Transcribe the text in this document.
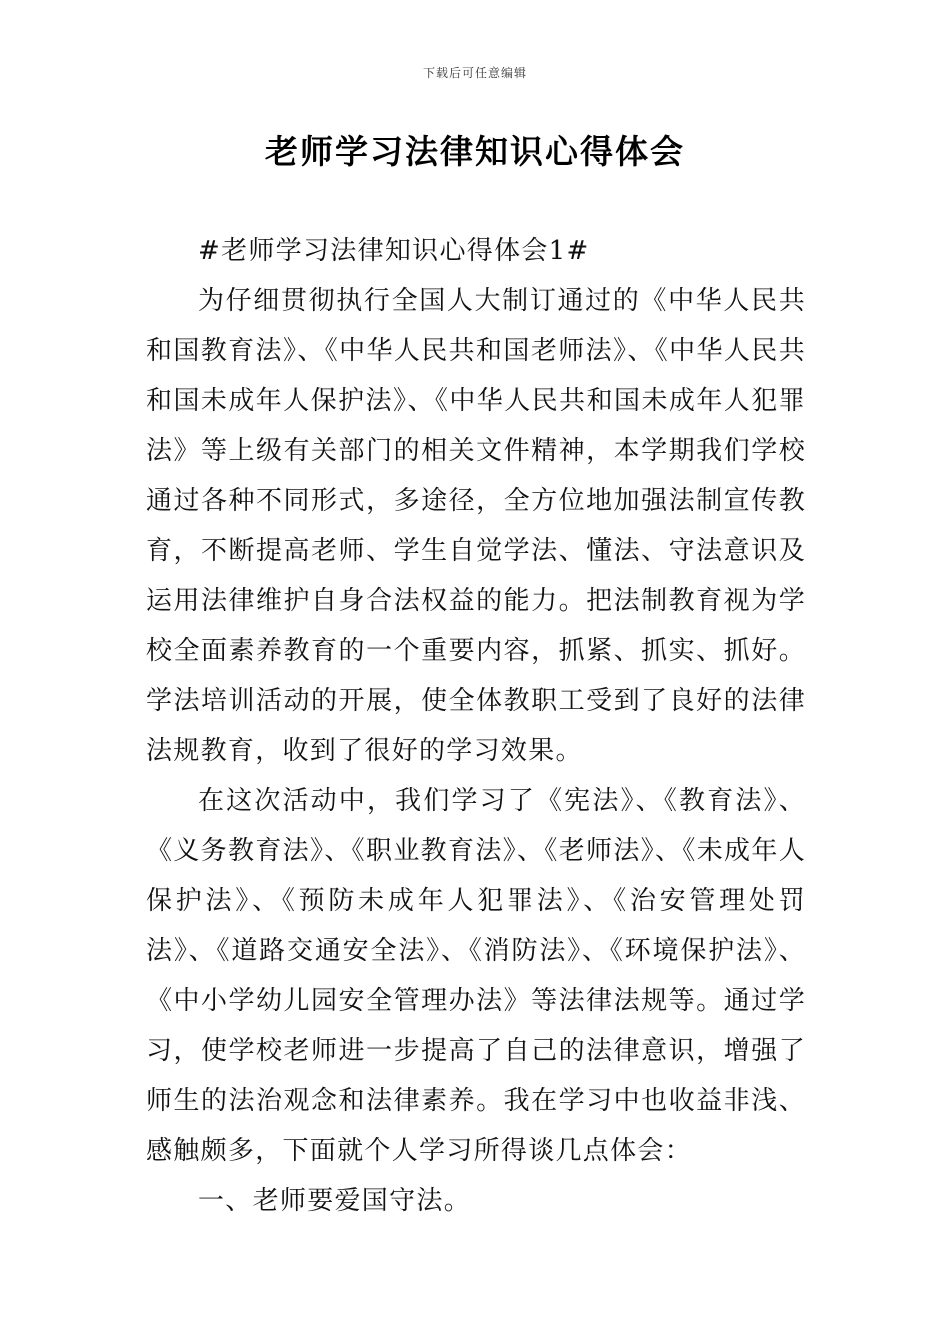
下载后可任意编辑
老师学习法律知识心得体会

#老师学习法律知识心得体会1#

为仔细贯彻执行全国人大制订通过的《中华人民共和国教育法》、《中华人民共和国老师法》、《中华人民共和国未成年人保护法》、《中华人民共和国未成年人犯罪法》等上级有关部门的相关文件精神，本学期我们学校通过各种不同形式，多途径，全方位地加强法制宣传教育，不断提高老师、学生自觉学法、懂法、守法意识及运用法律维护自身合法权益的能力。把法制教育视为学校全面素养教育的一个重要内容，抓紧、抓实、抓好。学法培训活动的开展，使全体教职工受到了良好的法律法规教育，收到了很好的学习效果。

在这次活动中，我们学习了《宪法》、《教育法》、《义务教育法》、《职业教育法》、《老师法》、《未成年人保护法》、《预防未成年人犯罪法》、《治安管理处罚法》、《道路交通安全法》、《消防法》、《环境保护法》、《中小学幼儿园安全管理办法》等法律法规等。通过学习，使学校老师进一步提高了自己的法律意识，增强了师生的法治观念和法律素养。我在学习中也收益非浅、感触颇多，下面就个人学习所得谈几点体会：

一、老师要爱国守法。
